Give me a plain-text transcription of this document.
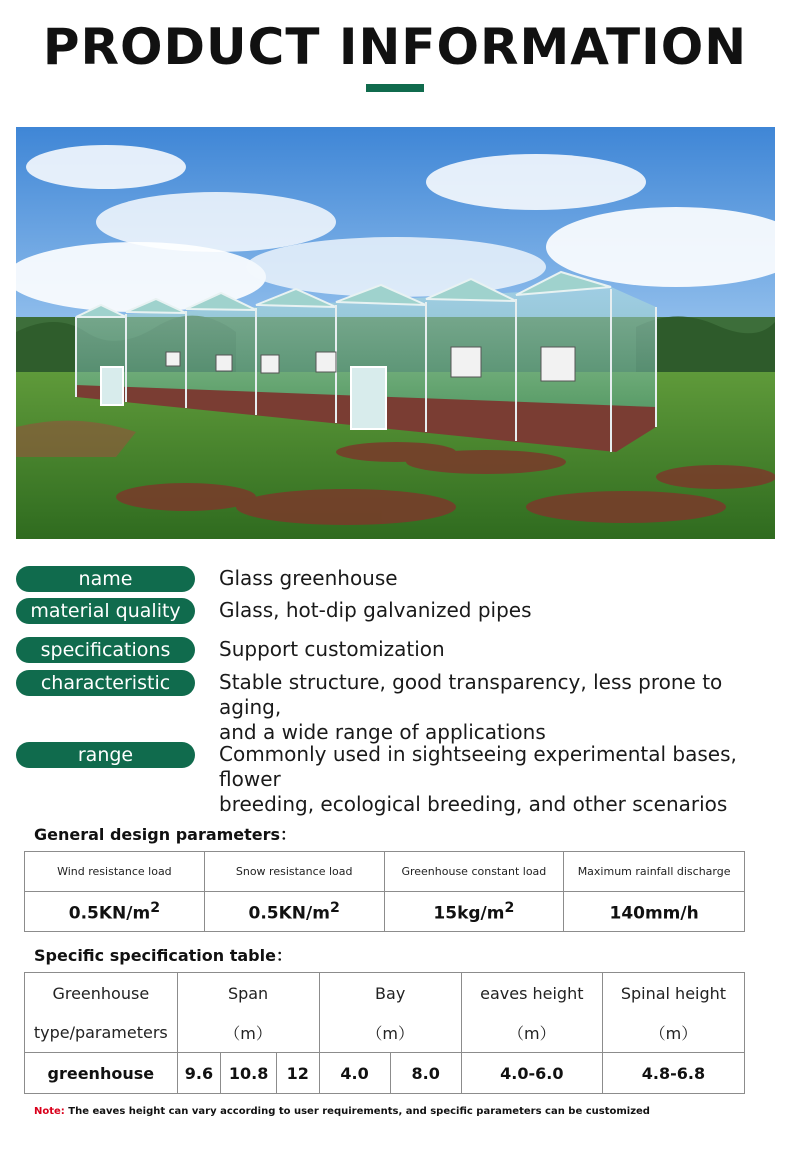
PRODUCT INFORMATION
name	Glass greenhouse
material quality	Glass, hot-dip galvanized pipes
specifications	Support customization
characteristic	Stable structure, good transparency, less prone to aging,
and a wide range of applications
range	Commonly used in sightseeing experimental bases, flower
breeding, ecological breeding, and other scenarios
General design parameters：
Wind resistance load	Snow resistance load	Greenhouse constant load	Maximum rainfall discharge
$0.5KN/m^2$	$0.5KN/m^2$	$15kg/m^2$	140mm/h
Specific specification table：
Greenhouse	Span			Bay		eaves height	Spinal height
type/parameters	（m）			（m）		（m）	（m）
greenhouse	9.6	10.8	12	4.0	8.0	4.0-6.0	4.8-6.8
Note: The eaves height can vary according to user requirements, and specific parameters can be customized
